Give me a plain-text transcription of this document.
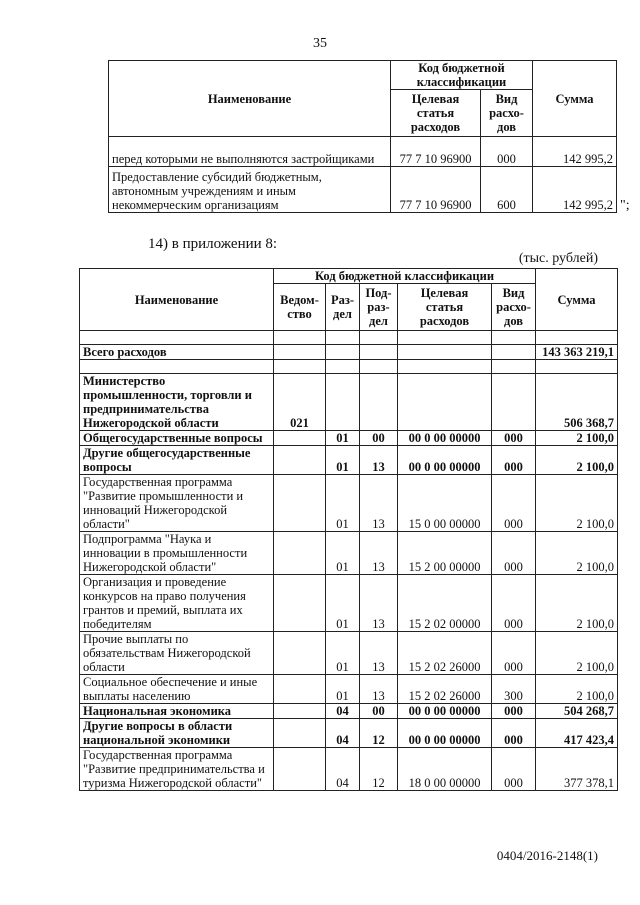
35
Наименование	Код бюджетной классификации		Сумма
	Целевая статья расходов	Вид расхо- дов	
перед которыми не выполняются застройщиками	77 7 10 96900	000	142 995,2
Предоставление субсидий бюджетным, автономным учреждениям и иным некоммерческим организациям	77 7 10 96900	600	142 995,2 ";
14) в приложении 8:
(тыс. рублей)
Наименование	Код бюджетной классификации					Сумма
	Ведом- ство	Раз- дел	Под- раз- дел	Целевая статья расходов	Вид расхо- дов	

Всего расходов						143 363 219,1

Министерство промышленности, торговли и предпринимательства Нижегородской области	021					506 368,7
Общегосударственные вопросы		01	00	00 0 00 00000	000	2 100,0
Другие общегосударственные вопросы		01	13	00 0 00 00000	000	2 100,0
Государственная программа "Развитие промышленности и инноваций Нижегородской области"		01	13	15 0 00 00000	000	2 100,0
Подпрограмма "Наука и инновации в промышленности Нижегородской области"		01	13	15 2 00 00000	000	2 100,0
Организация и проведение конкурсов на право получения грантов и премий, выплата их победителям		01	13	15 2 02 00000	000	2 100,0
Прочие выплаты по обязательствам Нижегородской области		01	13	15 2 02 26000	000	2 100,0
Социальное обеспечение и иные выплаты населению		01	13	15 2 02 26000	300	2 100,0
Национальная экономика		04	00	00 0 00 00000	000	504 268,7
Другие вопросы в области национальной экономики		04	12	00 0 00 00000	000	417 423,4
Государственная программа "Развитие предпринимательства и туризма Нижегородской области"		04	12	18 0 00 00000	000	377 378,1
0404/2016-2148(1)
